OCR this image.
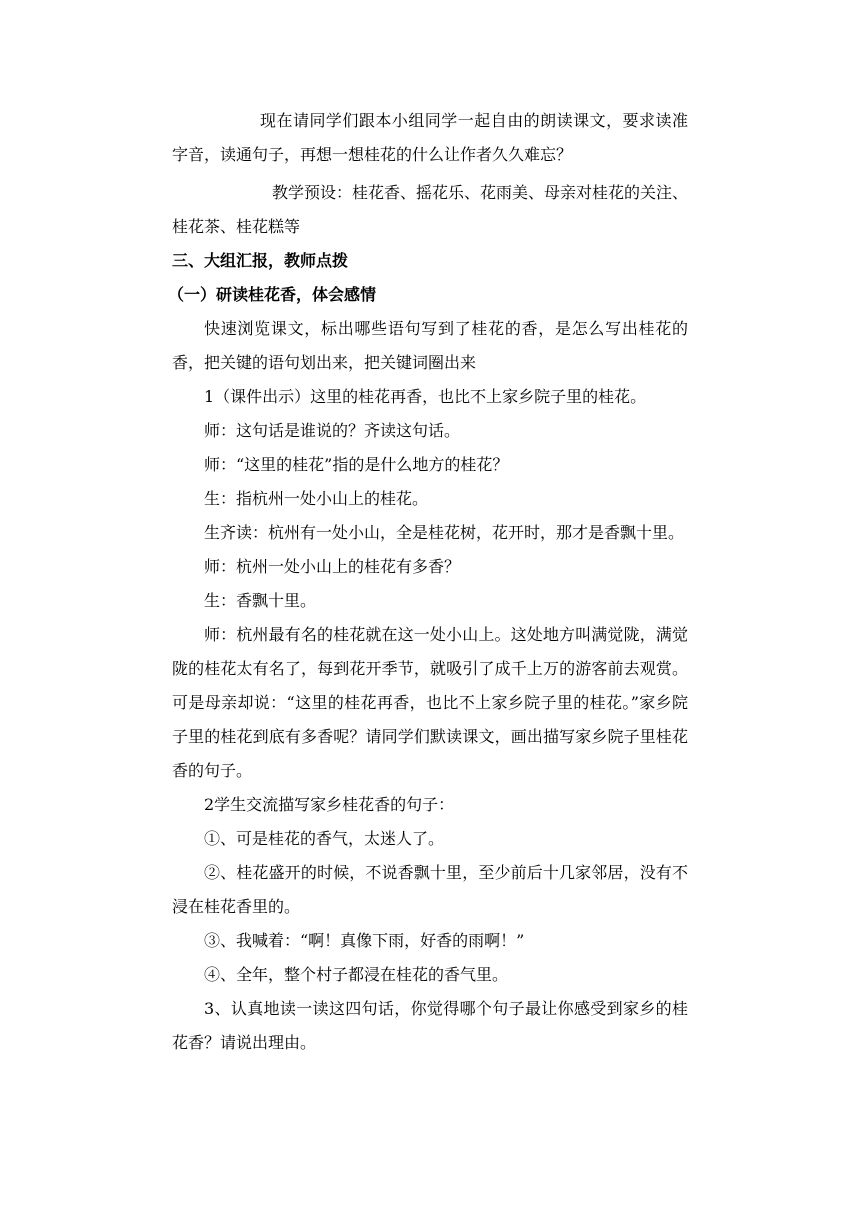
现在请同学们跟本小组同学一起自由的朗读课文，要求读准字音，读通句子，再想一想桂花的什么让作者久久难忘？

教学预设：桂花香、摇花乐、花雨美、母亲对桂花的关注、桂花茶、桂花糕等

三、大组汇报，教师点拨

（一）研读桂花香，体会感情

快速浏览课文，标出哪些语句写到了桂花的香，是怎么写出桂花的香，把关键的语句划出来，把关键词圈出来

1（课件出示）这里的桂花再香，也比不上家乡院子里的桂花。

师：这句话是谁说的？齐读这句话。

师：“这里的桂花”指的是什么地方的桂花？

生：指杭州一处小山上的桂花。

生齐读：杭州有一处小山，全是桂花树，花开时，那才是香飘十里。

师：杭州一处小山上的桂花有多香？

生：香飘十里。

师：杭州最有名的桂花就在这一处小山上。这处地方叫满觉陇，满觉陇的桂花太有名了，每到花开季节，就吸引了成千上万的游客前去观赏。可是母亲却说：“这里的桂花再香，也比不上家乡院子里的桂花。”家乡院子里的桂花到底有多香呢？请同学们默读课文，画出描写家乡院子里桂花香的句子。

2学生交流描写家乡桂花香的句子：

①、可是桂花的香气，太迷人了。

②、桂花盛开的时候，不说香飘十里，至少前后十几家邻居，没有不浸在桂花香里的。

③、我喊着：“啊！真像下雨，好香的雨啊！”

④、全年，整个村子都浸在桂花的香气里。

3、认真地读一读这四句话，你觉得哪个句子最让你感受到家乡的桂花香？请说出理由。
